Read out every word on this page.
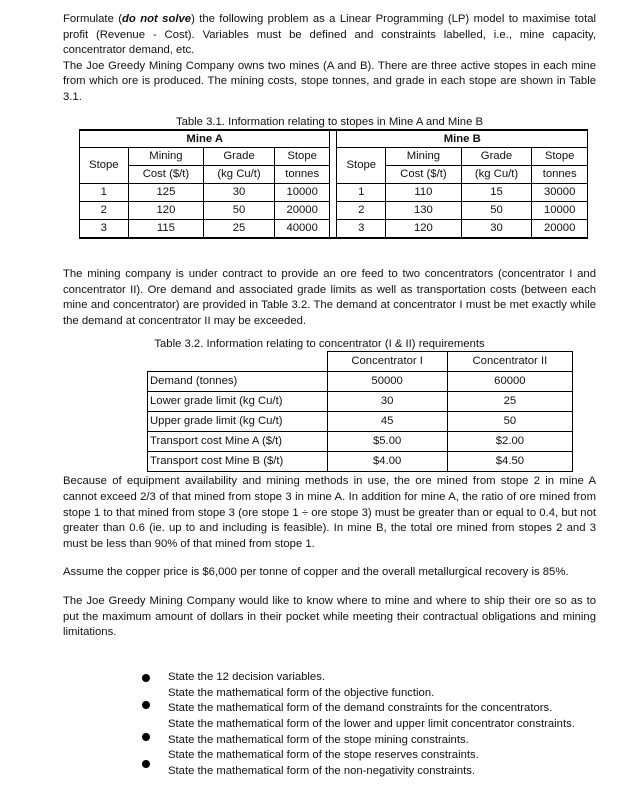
Formulate (do not solve) the following problem as a Linear Programming (LP) model to maximise total profit (Revenue - Cost). Variables must be defined and constraints labelled, i.e., mine capacity, concentrator demand, etc.

The Joe Greedy Mining Company owns two mines (A and B). There are three active stopes in each mine from which ore is produced. The mining costs, stope tonnes, and grade in each stope are shown in Table 3.1.

Table 3.1. Information relating to stopes in Mine A and Mine B
Mine A					Mine B			
Stope	Mining	Grade	Stope		Stope	Mining	Grade	Stope
	Cost ($/t)	(kg Cu/t)	tonnes			Cost ($/t)	(kg Cu/t)	tonnes
1	125	30	10000		1	110	15	30000
2	120	50	20000		2	130	50	10000
3	115	25	40000		3	120	30	20000

The mining company is under contract to provide an ore feed to two concentrators (concentrator I and concentrator II). Ore demand and associated grade limits as well as transportation costs (between each mine and concentrator) are provided in Table 3.2. The demand at concentrator I must be met exactly while the demand at concentrator II may be exceeded.

Table 3.2. Information relating to concentrator (I & II) requirements
	Concentrator I	Concentrator II
Demand (tonnes)	50000	60000
Lower grade limit (kg Cu/t)	30	25
Upper grade limit (kg Cu/t)	45	50
Transport cost Mine A ($/t)	$5.00	$2.00
Transport cost Mine B ($/t)	$4.00	$4.50

Because of equipment availability and mining methods in use, the ore mined from stope 2 in mine A cannot exceed 2/3 of that mined from stope 3 in mine A. In addition for mine A, the ratio of ore mined from stope 1 to that mined from stope 3 (ore stope 1 ÷ ore stope 3) must be greater than or equal to 0.4, but not greater than 0.6 (ie. up to and including is feasible). In mine B, the total ore mined from stopes 2 and 3 must be less than 90% of that mined from stope 1.

Assume the copper price is $6,000 per tonne of copper and the overall metallurgical recovery is 85%.

The Joe Greedy Mining Company would like to know where to mine and where to ship their ore so as to put the maximum amount of dollars in their pocket while meeting their contractual obligations and mining limitations.

State the 12 decision variables.
State the mathematical form of the objective function.
State the mathematical form of the demand constraints for the concentrators.
State the mathematical form of the lower and upper limit concentrator constraints.
State the mathematical form of the stope mining constraints.
State the mathematical form of the stope reserves constraints.
State the mathematical form of the non-negativity constraints.
